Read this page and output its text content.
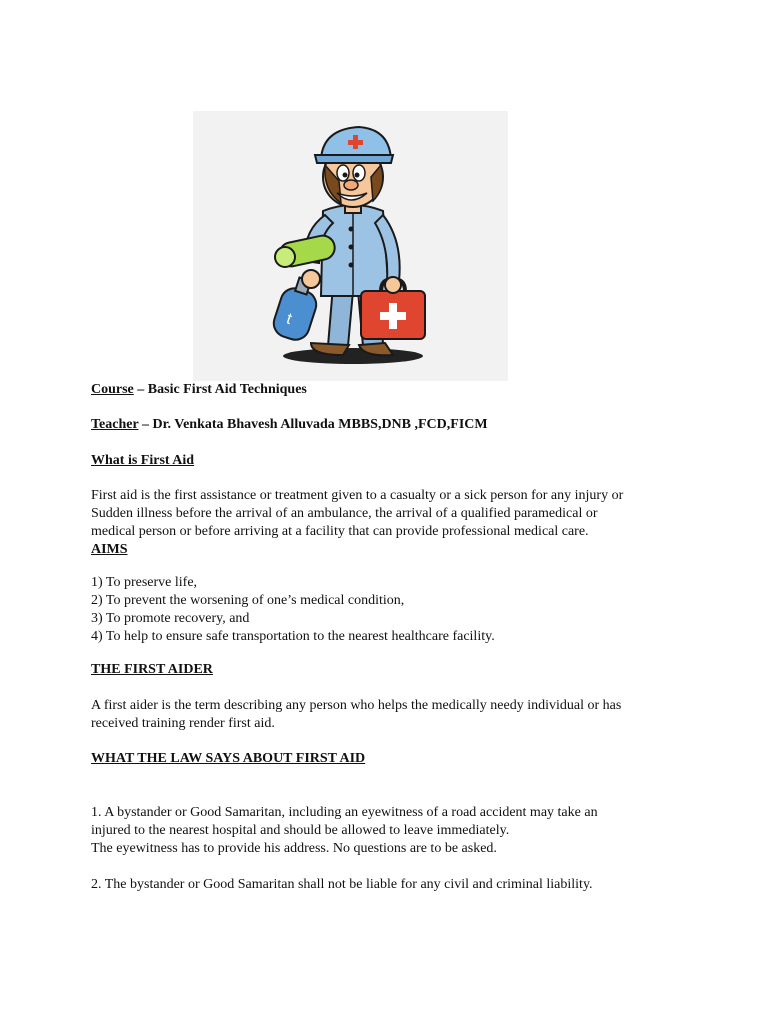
t

Course – Basic First Aid Techniques

Teacher – Dr. Venkata Bhavesh Alluvada MBBS,DNB ,FCD,FICM

What is First Aid

First aid is the first assistance or treatment given to a casualty or a sick person for any injury or

Sudden illness before the arrival of an ambulance, the arrival of a qualified paramedical or

medical person or before arriving at a facility that can provide professional medical care.

AIMS

1) To preserve life,

2) To prevent the worsening of one’s medical condition,

3) To promote recovery, and

4) To help to ensure safe transportation to the nearest healthcare facility.

THE FIRST AIDER

A first aider is the term describing any person who helps the medically needy individual or has

received training render first aid.

WHAT THE LAW SAYS ABOUT FIRST AID

1. A bystander or Good Samaritan, including an eyewitness of a road accident may take an

injured to the nearest hospital and should be allowed to leave immediately.

The eyewitness has to provide his address. No questions are to be asked.

2. The bystander or Good Samaritan shall not be liable for any civil and criminal liability.
